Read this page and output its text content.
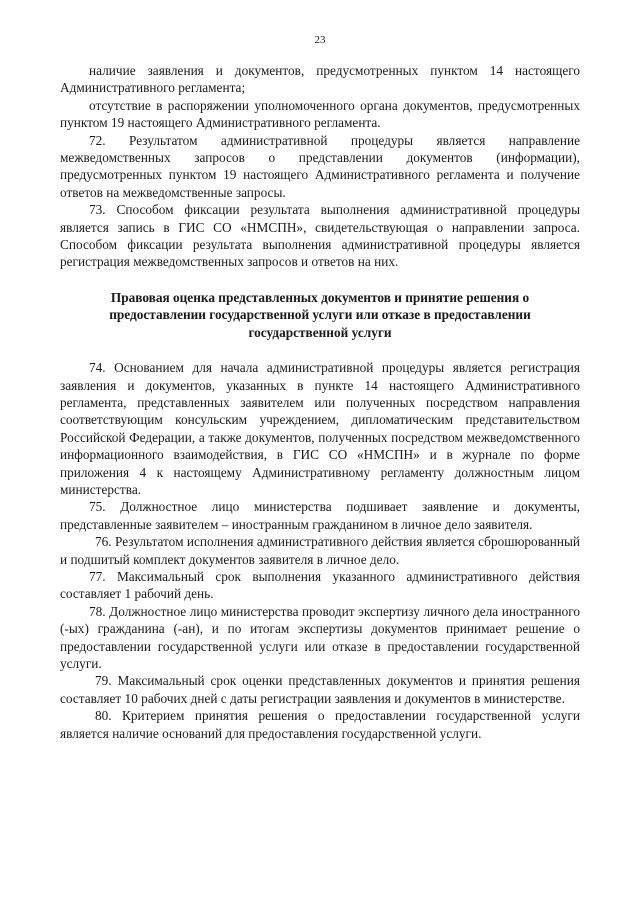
23

наличие заявления и документов, предусмотренных пунктом 14 настоящего Административного регламента;

отсутствие в распоряжении уполномоченного органа документов, предусмотренных пунктом 19 настоящего Административного регламента.

72. Результатом административной процедуры является направление межведомственных запросов о представлении документов (информации), предусмотренных пунктом 19 настоящего Административного регламента и получение ответов на межведомственные запросы.

73. Способом фиксации результата выполнения административной процедуры является запись в ГИС СО «НМСПН», свидетельствующая о направлении запроса. Способом фиксации результата выполнения административной процедуры является регистрация межведомственных запросов и ответов на них.

Правовая оценка представленных документов и принятие решения о предоставлении государственной услуги или отказе в предоставлении государственной услуги

74. Основанием для начала административной процедуры является регистрация заявления и документов, указанных в пункте 14 настоящего Административного регламента, представленных заявителем или полученных посредством направления соответствующим консульским учреждением, дипломатическим представительством Российской Федерации, а также документов, полученных посредством межведомственного информационного взаимодействия, в ГИС СО «НМСПН» и в журнале по форме приложения 4 к настоящему Административному регламенту должностным лицом министерства.

75. Должностное лицо министерства подшивает заявление и документы, представленные заявителем – иностранным гражданином в личное дело заявителя.

76. Результатом исполнения административного действия является сброшюрованный и подшитый комплект документов заявителя в личное дело.

77. Максимальный срок выполнения указанного административного действия составляет 1 рабочий день.

78. Должностное лицо министерства проводит экспертизу личного дела иностранного (-ых) гражданина (-ан), и по итогам экспертизы документов принимает решение о предоставлении государственной услуги или отказе в предоставлении государственной услуги.

79. Максимальный срок оценки представленных документов и принятия решения составляет 10 рабочих дней с даты регистрации заявления и документов в министерстве.

80. Критерием принятия решения о предоставлении государственной услуги является наличие оснований для предоставления государственной услуги.
